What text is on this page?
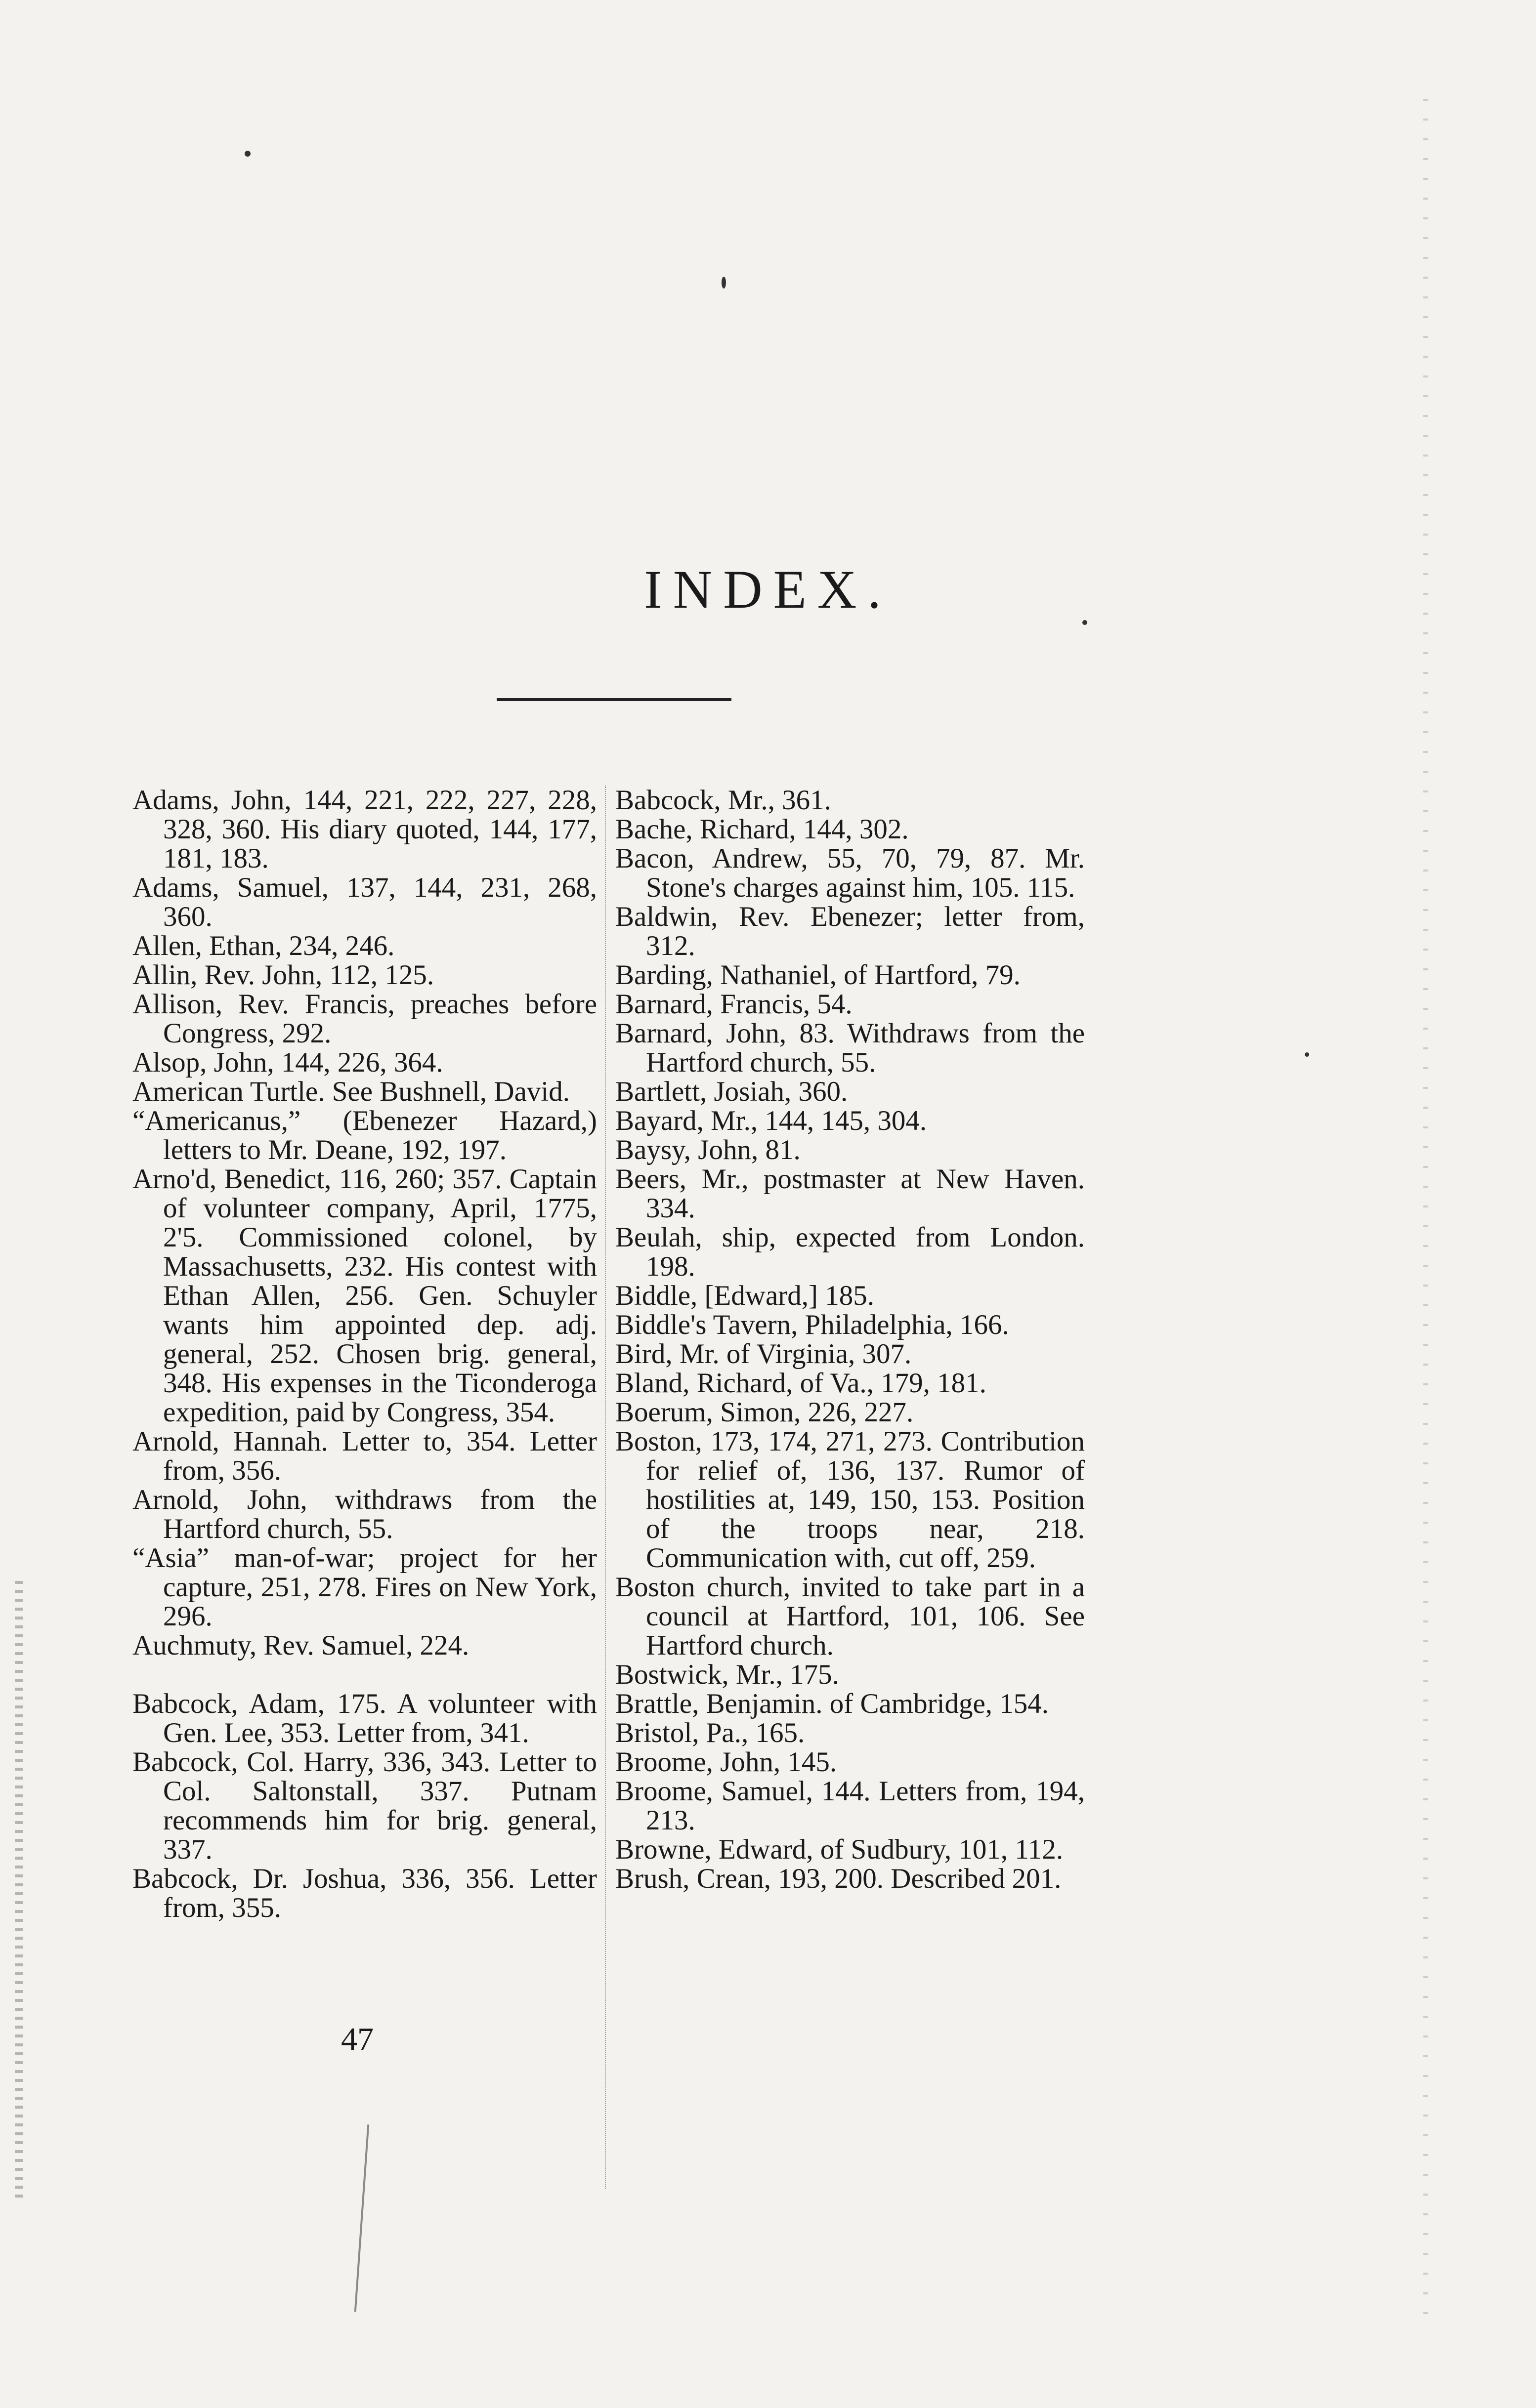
INDEX.

Adams, John, 144, 221, 222, 227, 228, 328, 360. His diary quoted, 144, 177, 181, 183.

Adams, Samuel, 137, 144, 231, 268, 360.

Allen, Ethan, 234, 246.

Allin, Rev. John, 112, 125.

Allison, Rev. Francis, preaches before Congress, 292.

Alsop, John, 144, 226, 364.

American Turtle. See Bushnell, David.

“Americanus,” (Ebenezer Hazard,) letters to Mr. Deane, 192, 197.

Arno'd, Benedict, 116, 260; 357. Captain of volunteer company, April, 1775, 2'5. Commissioned colonel, by Massachusetts, 232. His contest with Ethan Allen, 256. Gen. Schuyler wants him appointed dep. adj. general, 252. Chosen brig. general, 348. His expenses in the Ticonderoga expedition, paid by Congress, 354.

Arnold, Hannah. Letter to, 354. Letter from, 356.

Arnold, John, withdraws from the Hartford church, 55.

“Asia” man-of-war; project for her capture, 251, 278. Fires on New York, 296.

Auchmuty, Rev. Samuel, 224.

Babcock, Adam, 175. A volunteer with Gen. Lee, 353. Letter from, 341.

Babcock, Col. Harry, 336, 343. Letter to Col. Saltonstall, 337. Putnam recommends him for brig. general, 337.

Babcock, Dr. Joshua, 336, 356. Letter from, 355.

Babcock, Mr., 361.

Bache, Richard, 144, 302.

Bacon, Andrew, 55, 70, 79, 87. Mr. Stone's charges against him, 105. 115.

Baldwin, Rev. Ebenezer; letter from, 312.

Barding, Nathaniel, of Hartford, 79.

Barnard, Francis, 54.

Barnard, John, 83. Withdraws from the Hartford church, 55.

Bartlett, Josiah, 360.

Bayard, Mr., 144, 145, 304.

Baysy, John, 81.

Beers, Mr., postmaster at New Haven. 334.

Beulah, ship, expected from London. 198.

Biddle, [Edward,] 185.

Biddle's Tavern, Philadelphia, 166.

Bird, Mr. of Virginia, 307.

Bland, Richard, of Va., 179, 181.

Boerum, Simon, 226, 227.

Boston, 173, 174, 271, 273. Contribution for relief of, 136, 137. Rumor of hostilities at, 149, 150, 153. Position of the troops near, 218. Communication with, cut off, 259.

Boston church, invited to take part in a council at Hartford, 101, 106. See Hartford church.

Bostwick, Mr., 175.

Brattle, Benjamin. of Cambridge, 154.

Bristol, Pa., 165.

Broome, John, 145.

Broome, Samuel, 144. Letters from, 194, 213.

Browne, Edward, of Sudbury, 101, 112.

Brush, Crean, 193, 200. Described 201.

47
